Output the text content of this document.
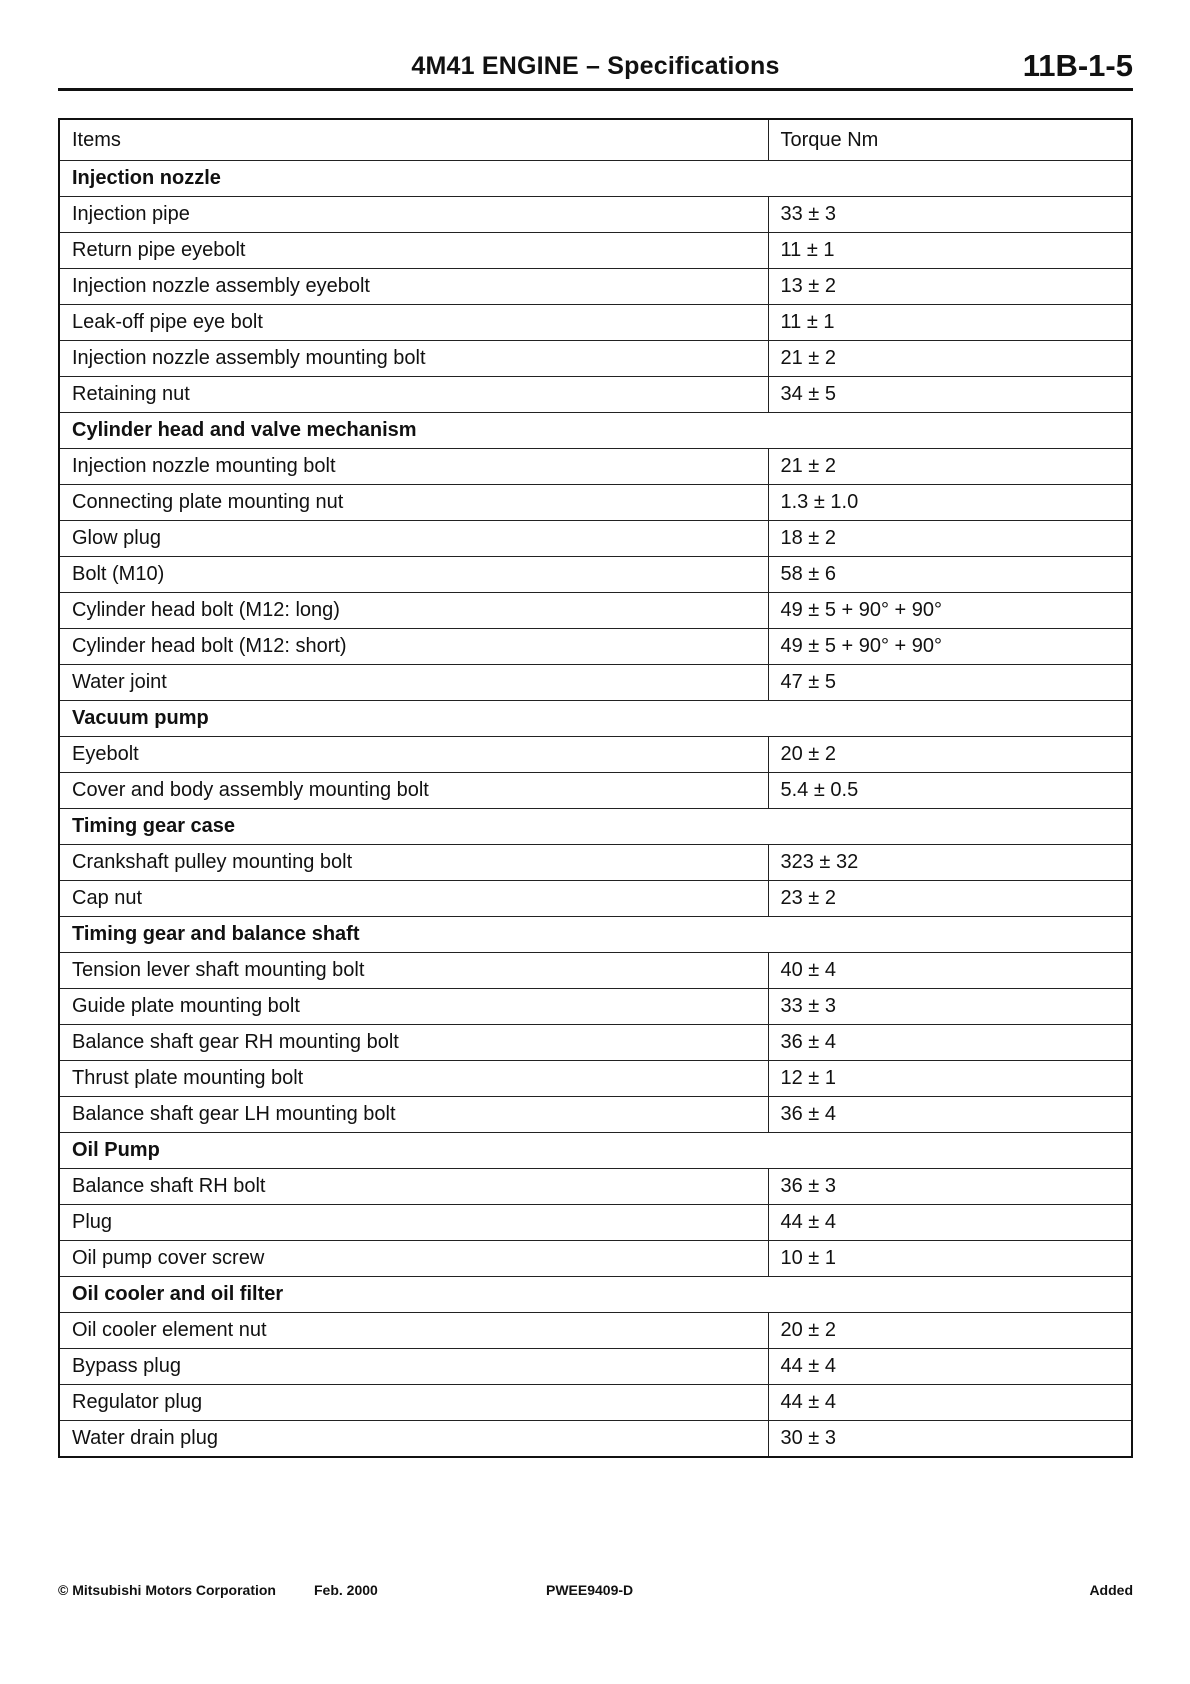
4M41 ENGINE – Specifications	11B-1-5
Items	Torque Nm
Injection nozzle	
Injection pipe	33 ± 3
Return pipe eyebolt	11 ± 1
Injection nozzle assembly eyebolt	13 ± 2
Leak-off pipe eye bolt	11 ± 1
Injection nozzle assembly mounting bolt	21 ± 2
Retaining nut	34 ± 5
Cylinder head and valve mechanism	
Injection nozzle mounting bolt	21 ± 2
Connecting plate mounting nut	1.3 ± 1.0
Glow plug	18 ± 2
Bolt (M10)	58 ± 6
Cylinder head bolt (M12: long)	49 ± 5 + 90° + 90°
Cylinder head bolt (M12: short)	49 ± 5 + 90° + 90°
Water joint	47 ± 5
Vacuum pump	
Eyebolt	20 ± 2
Cover and body assembly mounting bolt	5.4 ± 0.5
Timing gear case	
Crankshaft pulley mounting bolt	323 ± 32
Cap nut	23 ± 2
Timing gear and balance shaft	
Tension lever shaft mounting bolt	40 ± 4
Guide plate mounting bolt	33 ± 3
Balance shaft gear RH mounting bolt	36 ± 4
Thrust plate mounting bolt	12 ± 1
Balance shaft gear LH mounting bolt	36 ± 4
Oil Pump	
Balance shaft RH bolt	36 ± 3
Plug	44 ± 4
Oil pump cover screw	10 ± 1
Oil cooler and oil filter	
Oil cooler element nut	20 ± 2
Bypass plug	44 ± 4
Regulator plug	44 ± 4
Water drain plug	30 ± 3
© Mitsubishi Motors Corporation	Feb. 2000	PWEE9409-D	Added
